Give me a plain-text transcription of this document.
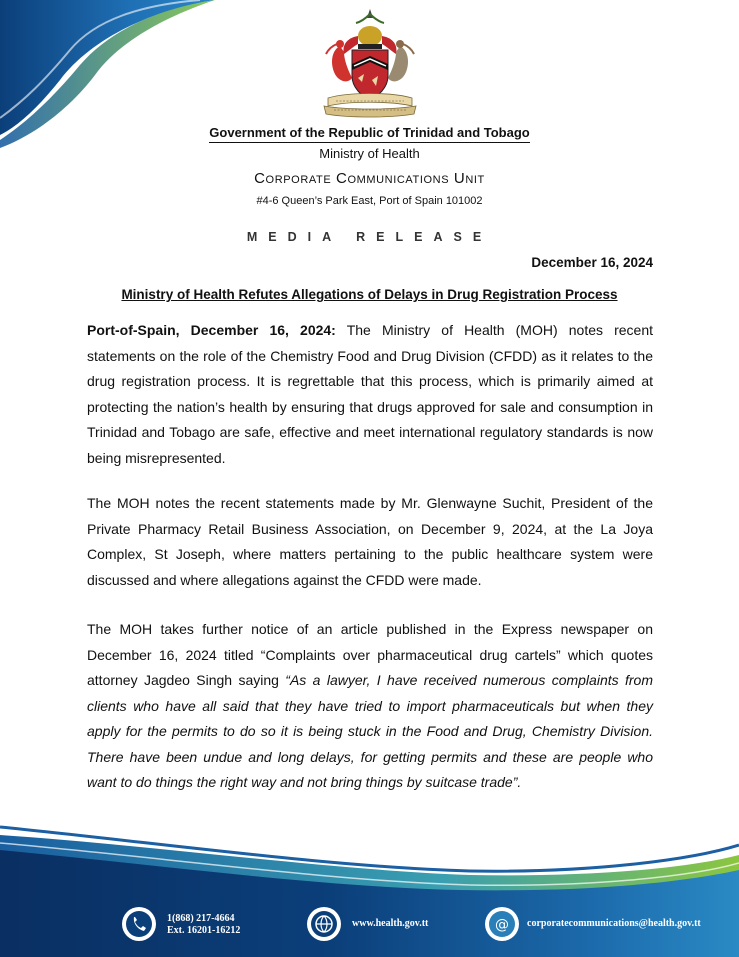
Government of the Republic of Trinidad and Tobago
Ministry of Health
Corporate Communications Unit
#4-6 Queen’s Park East, Port of Spain 101002
MEDIA RELEASE
December 16, 2024
Ministry of Health Refutes Allegations of Delays in Drug Registration Process
Port-of-Spain, December 16, 2024: The Ministry of Health (MOH) notes recent statements on the role of the Chemistry Food and Drug Division (CFDD) as it relates to the drug registration process. It is regrettable that this process, which is primarily aimed at protecting the nation’s health by ensuring that drugs approved for sale and consumption in Trinidad and Tobago are safe, effective and meet international regulatory standards is now being misrepresented.
The MOH notes the recent statements made by Mr. Glenwayne Suchit, President of the Private Pharmacy Retail Business Association, on December 9, 2024, at the La Joya Complex, St Joseph, where matters pertaining to the public healthcare system were discussed and where allegations against the CFDD were made.
The MOH takes further notice of an article published in the Express newspaper on December 16, 2024 titled “Complaints over pharmaceutical drug cartels” which quotes attorney Jagdeo Singh saying “As a lawyer, I have received numerous complaints from clients who have all said that they have tried to import pharmaceuticals but when they apply for the permits to do so it is being stuck in the Food and Drug, Chemistry Division. There have been undue and long delays, for getting permits and these are people who want to do things the right way and not bring things by suitcase trade”.
1(868) 217-4664
Ext. 16201-16212
www.health.gov.tt	@ corporatecommunications@health.gov.tt
